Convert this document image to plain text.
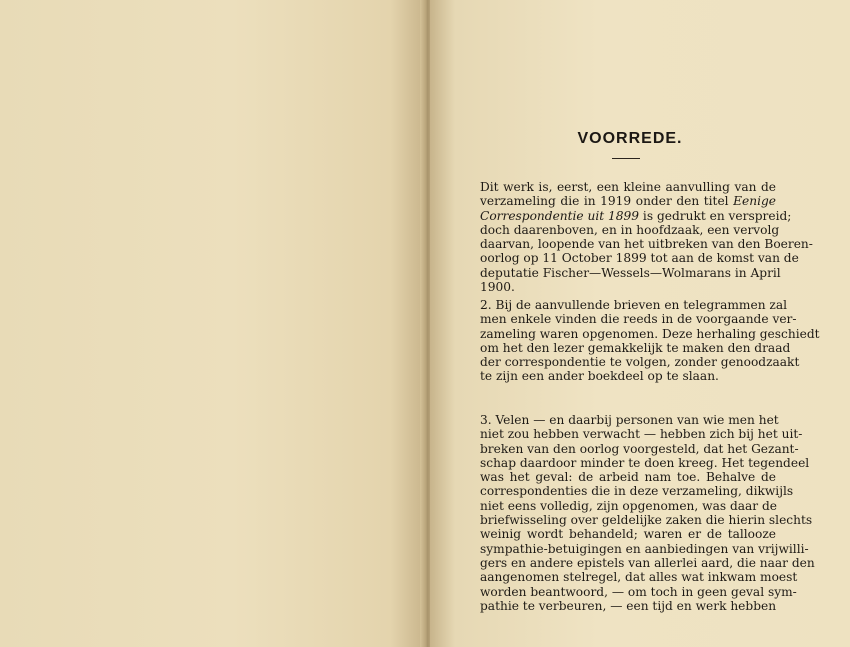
VOORREDE.

Dit werk is, eerst, een kleine aanvulling van de
verzameling die in 1919 onder den titel Eenige
Correspondentie uit 1899 is gedrukt en verspreid;
doch daarenboven, en in hoofdzaak, een vervolg
daarvan, loopende van het uitbreken van den Boeren-
oorlog op 11 October 1899 tot aan de komst van de
deputatie Fischer—Wessels—Wolmarans in April
1900.

2. Bij de aanvullende brieven en telegrammen zal
men enkele vinden die reeds in de voorgaande ver-
zameling waren opgenomen. Deze herhaling geschiedt
om het den lezer gemakkelijk te maken den draad
der correspondentie te volgen, zonder genoodzaakt
te zijn een ander boekdeel op te slaan.

3. Velen — en daarbij personen van wie men het
niet zou hebben verwacht — hebben zich bij het uit-
breken van den oorlog voorgesteld, dat het Gezant-
schap daardoor minder te doen kreeg. Het tegendeel
was het geval: de arbeid nam toe. Behalve de
correspondenties die in deze verzameling, dikwijls
niet eens volledig, zijn opgenomen, was daar de
briefwisseling over geldelijke zaken die hierin slechts
weinig wordt behandeld; waren er de tallooze
sympathie-betuigingen en aanbiedingen van vrijwilli-
gers en andere epistels van allerlei aard, die naar den
aangenomen stelregel, dat alles wat inkwam moest
worden beantwoord, — om toch in geen geval sym-
pathie te verbeuren, — een tijd en werk hebben
